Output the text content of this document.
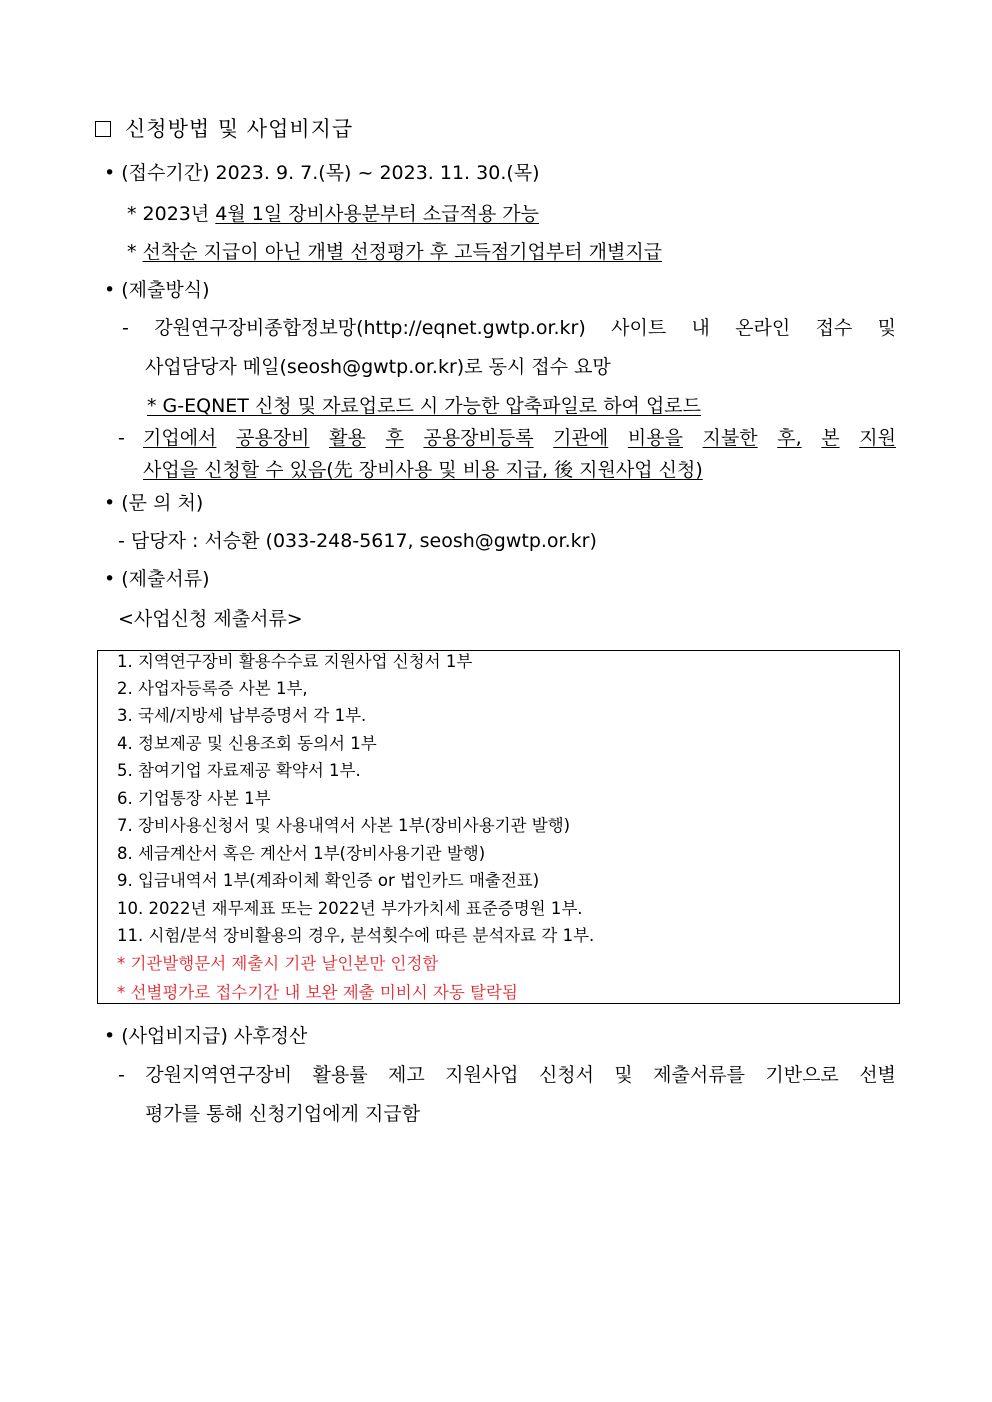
신청방법 및 사업비지급
• (접수기간) 2023. 9. 7.(목) ~ 2023. 11. 30.(목)
* 2023년 4월 1일 장비사용분부터 소급적용 가능
* 선착순 지급이 아닌 개별 선정평가 후 고득점기업부터 개별지급
• (제출방식)
- 강원연구장비종합정보망(http://eqnet.gwtp.or.kr) 사이트 내 온라인 접수 및
사업담당자 메일(seosh@gwtp.or.kr)로 동시 접수 요망
* G-EQNET 신청 및 자료업로드 시 가능한 압축파일로 하여 업로드
- 기업에서 공용장비 활용 후 공용장비등록 기관에 비용을 지불한 후, 본 지원
사업을 신청할 수 있음(先 장비사용 및 비용 지급, 後 지원사업 신청)
• (문 의 처)
- 담당자 : 서승환 (033-248-5617, seosh@gwtp.or.kr)
• (제출서류)
<사업신청 제출서류>
1. 지역연구장비 활용수수료 지원사업 신청서 1부
2. 사업자등록증 사본 1부,
3. 국세/지방세 납부증명서 각 1부.
4. 정보제공 및 신용조회 동의서 1부
5. 참여기업 자료제공 확약서 1부.
6. 기업통장 사본 1부
7. 장비사용신청서 및 사용내역서 사본 1부(장비사용기관 발행)
8. 세금계산서 혹은 계산서 1부(장비사용기관 발행)
9. 입금내역서 1부(계좌이체 확인증 or 법인카드 매출전표)
10. 2022년 재무제표 또는 2022년 부가가치세 표준증명원 1부.
11. 시험/분석 장비활용의 경우, 분석횟수에 따른 분석자료 각 1부.
* 기관발행문서 제출시 기관 날인본만 인정함
* 선별평가로 접수기간 내 보완 제출 미비시 자동 탈락됨
• (사업비지급) 사후정산
- 강원지역연구장비 활용률 제고 지원사업 신청서 및 제출서류를 기반으로 선별
평가를 통해 신청기업에게 지급함
